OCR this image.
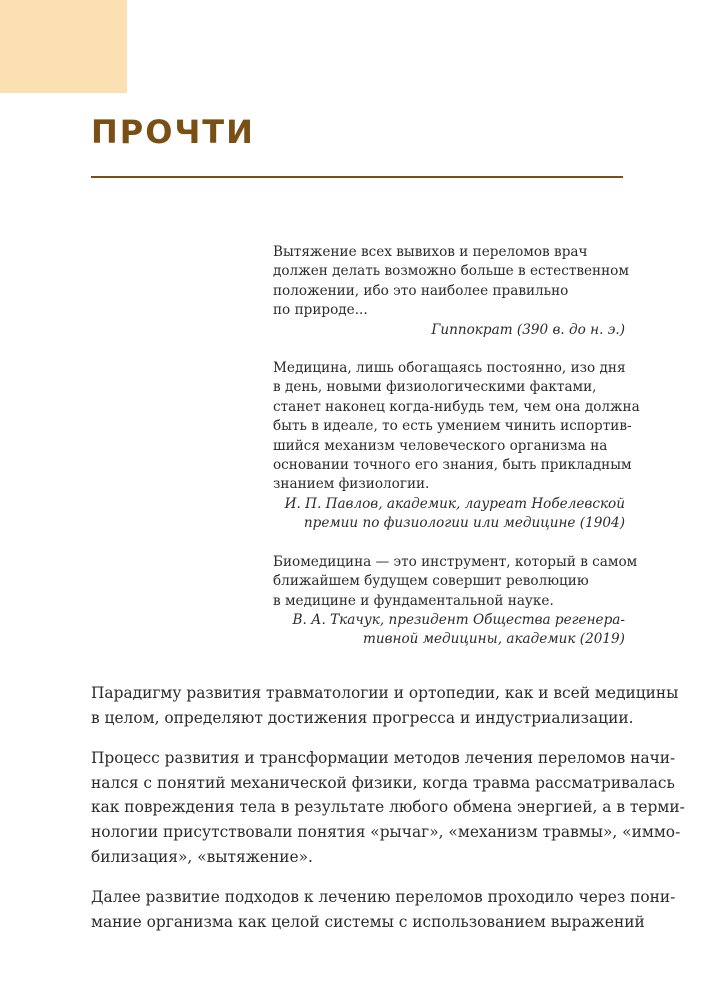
ПРОЧТИ
Вытяжение всех вывихов и переломов врач
должен делать возможно больше в естественном
положении, ибо это наиболее правильно
по природе...
Гиппократ (390 в. до н. э.)
Медицина, лишь обогащаясь постоянно, изо дня
в день, новыми физиологическими фактами,
станет наконец когда-нибудь тем, чем она должна
быть в идеале, то есть умением чинить испортив-
шийся механизм человеческого организма на
основании точного его знания, быть прикладным
знанием физиологии.
И. П. Павлов, академик, лауреат Нобелевской
премии по физиологии или медицине (1904)
Биомедицина — это инструмент, который в самом
ближайшем будущем совершит революцию
в медицине и фундаментальной науке.
В. А. Ткачук, президент Общества регенера-
тивной медицины, академик (2019)

Парадигму развития травматологии и ортопедии, как и всей медицины
в целом, определяют достижения прогресса и индустриализации.

Процесс развития и трансформации методов лечения переломов начи-
нался с понятий механической физики, когда травма рассматривалась
как повреждения тела в результате любого обмена энергией, а в терми-
нологии присутствовали понятия «рычаг», «механизм травмы», «иммо-
билизация», «вытяжение».

Далее развитие подходов к лечению переломов проходило через пони-
мание организма как целой системы с использованием выражений
